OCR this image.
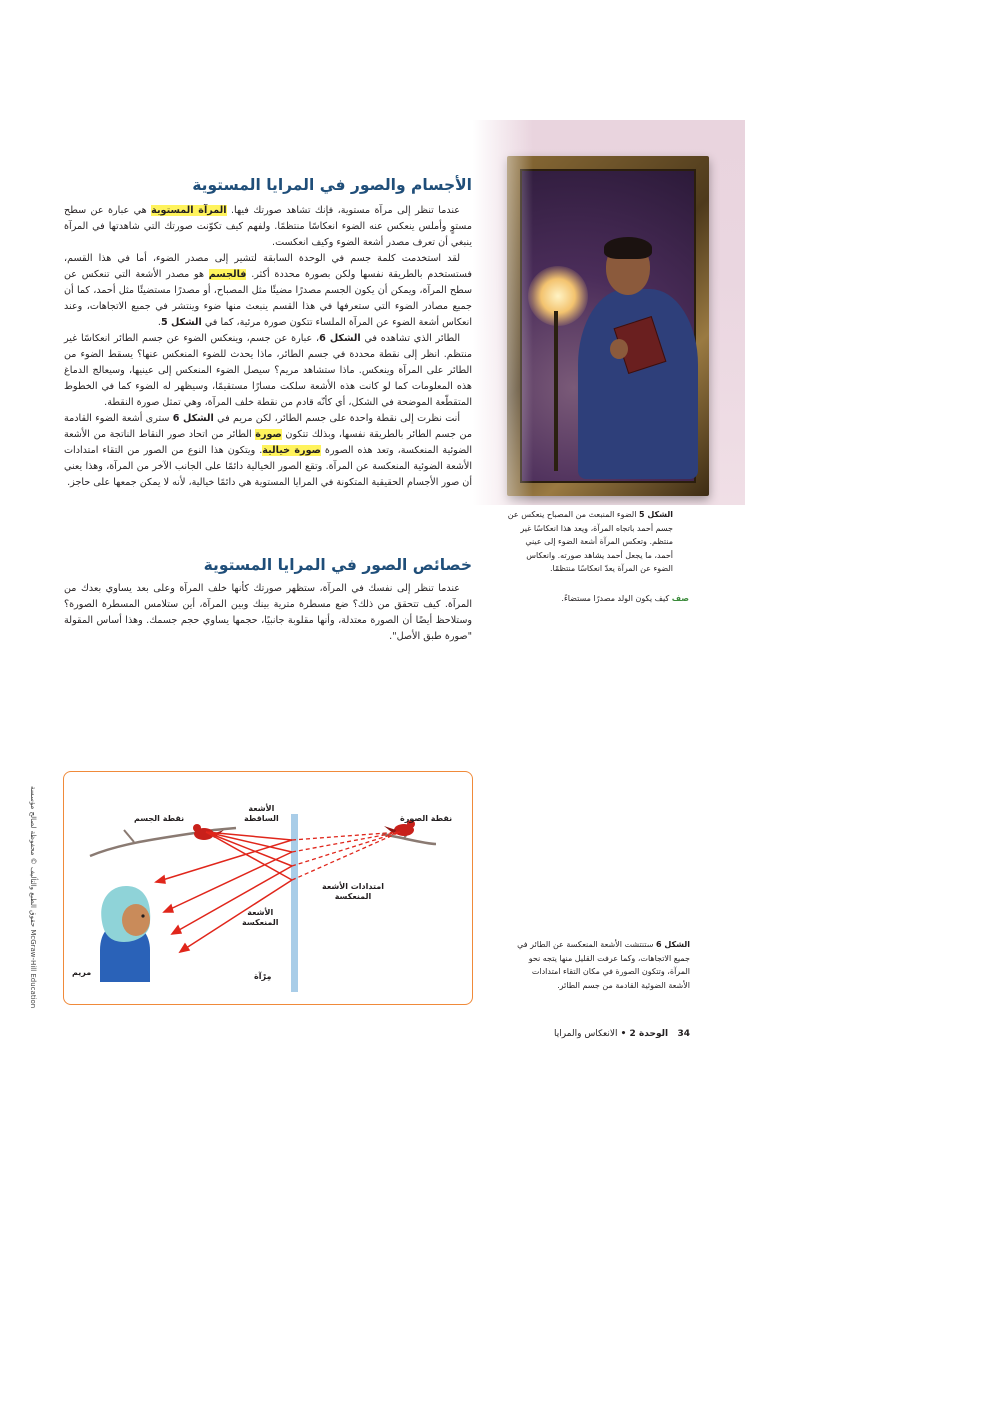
الأجسام والصور في المرايا المستوية

عندما تنظر إلى مرآة مستوية، فإنك تشاهد صورتك فيها. المرآة المستوية هي عبارة عن سطح مستوٍ وأملس ينعكس عنه الضوء انعكاسًا منتظمًا. ولفهم كيف تكوّنت صورتك التي شاهدتها في المرآة ينبغي أن تعرف مصدر أشعة الضوء وكيف انعكست.

لقد استخدمت كلمة جسم في الوحدة السابقة لتشير إلى مصدر الضوء، أما في هذا القسم، فستستخدم بالطريقة نفسها ولكن بصورة محددة أكثر. فالجسم هو مصدر الأشعة التي تنعكس عن سطح المرآة، ويمكن أن يكون الجسم مصدرًا مضيئًا مثل المصباح، أو مصدرًا مستضيئًا مثل أحمد، كما أن جميع مصادر الضوء التي ستعرفها في هذا القسم ينبعث منها ضوء وينتشر في جميع الاتجاهات، وعند انعكاس أشعة الضوء عن المرآة الملساء تتكون صورة مرئية، كما في الشكل 5.

الطائر الذي تشاهده في الشكل 6، عبارة عن جسم، وينعكس الضوء عن جسم الطائر انعكاسًا غير منتظم. انظر إلى نقطة محددة في جسم الطائر، ماذا يحدث للضوء المنعكس عنها؟ يسقط الضوء من الطائر على المرآة وينعكس. ماذا ستشاهد مريم؟ سيصل الضوء المنعكس إلى عينيها، وسيعالج الدماغ هذه المعلومات كما لو كانت هذه الأشعة سلكت مسارًا مستقيمًا، وسيظهر له الضوء كما في الخطوط المتقطّعة الموضحة في الشكل، أي كأنّه قادم من نقطة خلف المرآة، وهي تمثل صورة النقطة.

أنت نظرت إلى نقطة واحدة على جسم الطائر، لكن مريم في الشكل 6 سترى أشعة الضوء القادمة من جسم الطائر بالطريقة نفسها، وبذلك تتكون صورة الطائر من اتحاد صور النقاط الناتجة من الأشعة الضوئية المنعكسة، وتعد هذه الصورة صورة خيالية. ويتكون هذا النوع من الصور من التقاء امتدادات الأشعة الضوئية المنعكسة عن المرآة. وتقع الصور الخيالية دائمًا على الجانب الآخر من المرآة، وهذا يعني أن صور الأجسام الحقيقية المتكونة في المرايا المستوية هي دائمًا خيالية، لأنه لا يمكن جمعها على حاجز.

خصائص الصور في المرايا المستوية

عندما تنظر إلى نفسك في المرآة، ستظهر صورتك كأنها خلف المرآة وعلى بعد يساوي بعدك من المرآة. كيف تتحقق من ذلك؟ ضع مسطرة مترية بينك وبين المرآة، أين ستلامس المسطرة الصورة؟ وستلاحظ أيضًا أن الصورة معتدلة، وأنها مقلوبة جانبيًا، حجمها يساوي حجم جسمك. وهذا أساس المقولة "صورة طبق الأصل".

الشكل 5 الضوء المنبعث من المصباح ينعكس عن جسم أحمد باتجاه المرآة، ويعد هذا انعكاسًا غير منتظم. وتعكس المرآة أشعة الضوء إلى عيني أحمد، ما يجعل أحمد يشاهد صورته. وانعكاس الضوء عن المرآة يعدّ انعكاسًا منتظمًا.
صف كيف يكون الولد مصدرًا مستضاءً.
نقطة الجسم	نقطة الصورة
الأشعة
الساقطة
امتدادات الأشعة
المنعكسة
الأشعة
المنعكسة
مريم	مِرْآة
الشكل 6 ستنتشت الأشعة المنعكسة عن الطائر في جميع الاتجاهات، وكما عرفت القليل منها يتجه نحو المرآة، وتتكون الصورة في مكان التقاء امتدادات الأشعة الضوئية القادمة من جسم الطائر.
34   الوحدة 2 • الانعكاس والمرايا
حقوق الطبع والتأليف © محفوظة لصالح مؤسسة McGraw-Hill Education
